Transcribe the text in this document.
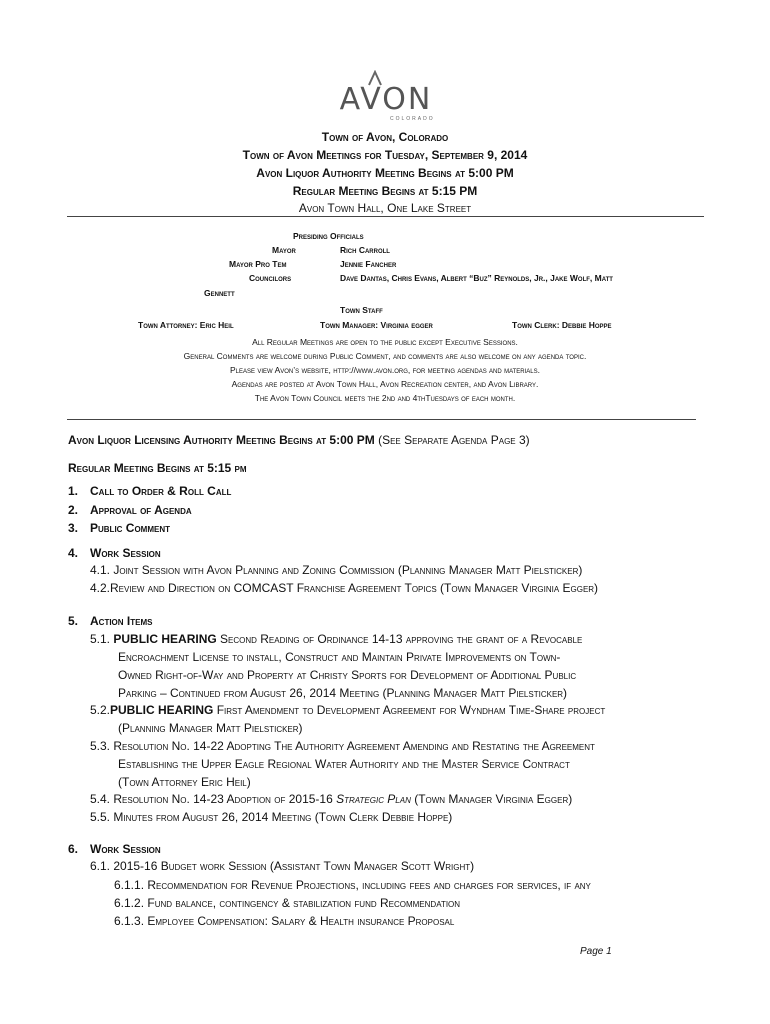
AVON
COLORADO
Town of Avon, Colorado
Town of Avon Meetings for Tuesday, September 9, 2014
Avon Liquor Authority Meeting Begins at 5:00 PM
Regular Meeting Begins at 5:15 PM
Avon Town Hall, One Lake Street
Presiding Officials
Mayor	Rich Carroll
Mayor Pro Tem	Jennie Fancher
Councilors	Dave Dantas, Chris Evans, Albert “Buz” Reynolds, Jr., Jake Wolf, Matt
Gennett
Town Staff
Town Attorney: Eric Heil	Town Manager: Virginia egger	Town Clerk: Debbie Hoppe
All Regular Meetings are open to the public except Executive Sessions.
General Comments are welcome during Public Comment, and comments are also welcome on any agenda topic.
Please view Avon’s website, http://www.avon.org, for meeting agendas and materials.
Agendas are posted at Avon Town Hall, Avon Recreation center, and Avon Library.
The Avon Town Council meets the 2nd and 4thTuesdays of each month.
Avon Liquor Licensing Authority Meeting Begins at 5:00 PM (See Separate Agenda Page 3)
Regular Meeting Begins at 5:15 pm
1. Call to Order & Roll Call
2. Approval of Agenda
3. Public Comment
4. Work Session
4.1. Joint Session with Avon Planning and Zoning Commission (Planning Manager Matt Pielsticker)
4.2.Review and Direction on COMCAST Franchise Agreement Topics (Town Manager Virginia Egger)
5. Action Items
5.1. PUBLIC HEARING Second Reading of Ordinance 14-13 approving the grant of a Revocable
Encroachment License to install, Construct and Maintain Private Improvements on Town-
Owned Right-of-Way and Property at Christy Sports for Development of Additional Public
Parking – Continued from August 26, 2014 Meeting (Planning Manager Matt Pielsticker)
5.2.PUBLIC HEARING First Amendment to Development Agreement for Wyndham Time-Share project
(Planning Manager Matt Pielsticker)
5.3. Resolution No. 14-22 Adopting The Authority Agreement Amending and Restating the Agreement
Establishing the Upper Eagle Regional Water Authority and the Master Service Contract
(Town Attorney Eric Heil)
5.4. Resolution No. 14-23 Adoption of 2015-16 Strategic Plan (Town Manager Virginia Egger)
5.5. Minutes from August 26, 2014 Meeting (Town Clerk Debbie Hoppe)
6. Work Session
6.1. 2015-16 Budget work Session (Assistant Town Manager Scott Wright)
6.1.1. Recommendation for Revenue Projections, including fees and charges for services, if any
6.1.2. Fund balance, contingency & stabilization fund Recommendation
6.1.3. Employee Compensation: Salary & Health insurance Proposal
Page 1
